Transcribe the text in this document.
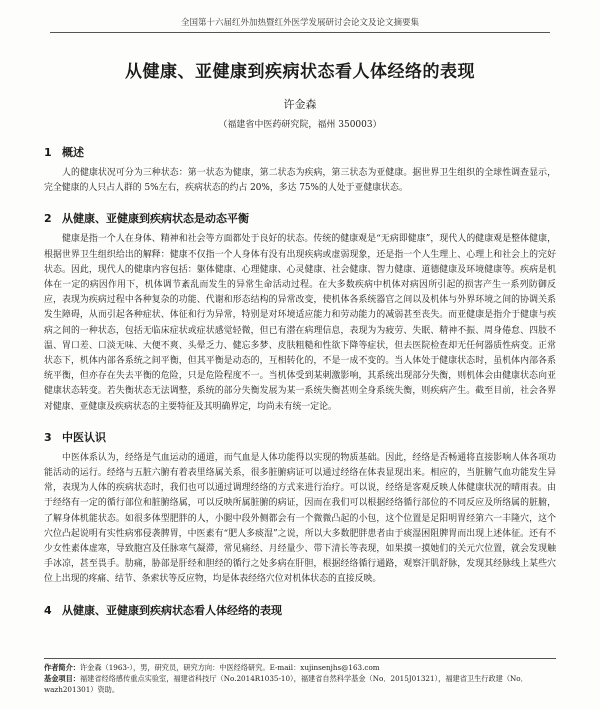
全国第十六届红外加热暨红外医学发展研讨会论文及论文摘要集
从健康、亚健康到疾病状态看人体经络的表现
许金森
（福建省中医药研究院，福州 350003）
1 概述

人的健康状况可分为三种状态：第一状态为健康，第二状态为疾病，第三状态为亚健康。据世界卫生组织的全球性调查显示，完全健康的人只占人群的 5%左右，疾病状态的约占 20%，多达 75%的人处于亚健康状态。

2 从健康、亚健康到疾病状态是动态平衡

健康是指一个人在身体、精神和社会等方面都处于良好的状态。传统的健康观是“无病即健康”，现代人的健康观是整体健康，根据世界卫生组织给出的解释：健康不仅指一个人身体有没有出现疾病或虚弱现象，还是指一个人生理上、心理上和社会上的完好状态。因此，现代人的健康内容包括：躯体健康、心理健康、心灵健康、社会健康、智力健康、道德健康及环境健康等。疾病是机体在一定的病因作用下，机体调节紊乱而发生的异常生命活动过程。在大多数疾病中机体对病因所引起的损害产生一系列防御反应，表现为疾病过程中各种复杂的功能、代谢和形态结构的异常改变，使机体各系统器官之间以及机体与外界环境之间的协调关系发生障碍，从而引起各种症状、体征和行为异常，特别是对环境适应能力和劳动能力的减弱甚至丧失。而亚健康是指介于健康与疾病之间的一种状态，包括无临床症状或症状感觉轻微，但已有潜在病理信息，表现为为疲劳、失眠、精神不振、周身倦怠、四肢不温、胃口差、口淡无味、大便不爽、头晕乏力、健忘多梦、皮肤粗糙和性欲下降等症状，但去医院检查却无任何器质性病变。正常状态下，机体内部各系统之间平衡，但其平衡是动态的，互相转化的，不是一成不变的。当人体处于健康状态时，虽机体内部各系统平衡，但亦存在失去平衡的危险，只是危险程度不一。当机体受到某刺激影响，其系统出现部分失衡，则机体会由健康状态向亚健康状态转变。若失衡状态无法调整，系统的部分失衡发展为某一系统失衡甚则全身系统失衡，则疾病产生。截至目前，社会各界对健康、亚健康及疾病状态的主要特征及其明确界定，均尚未有统一定论。

3 中医认识

中医体系认为，经络是气血运动的通道，而气血是人体功能得以实现的物质基础。因此，经络是否畅通将直接影响人体各项功能活动的运行。经络与五脏六腑有着表里络属关系，很多脏腑病证可以通过经络在体表显现出来。相应的，当脏腑气血功能发生异常，表现为人体的疾病状态时，我们也可以通过调理经络的方式来进行治疗。可以说，经络是客观反映人体健康状况的晴雨表。由于经络有一定的循行部位和脏腑络属，可以反映所属脏腑的病证，因而在我们可以根据经络循行部位的不同反应及所络属的脏腑，了解身体机能状态。如很多体型肥胖的人，小腿中段外侧都会有一个微微凸起的小包，这个位置是足阳明胃经第六一丰隆穴，这个穴位凸起说明有实性病邪侵袭脾胃，中医素有“肥人多痰湿”之说，所以大多数肥胖患者由于痰湿困阻脾胃而出现上述体征。还有不少女性素体虚寒，导致胞宫及任脉寒气凝滞，常见痛经、月经量少、带下清长等表现，如果摸一摸她们的关元穴位置，就会发现触手冰凉，甚至畏手。肋痛，胁部是肝经和胆经的循行之处多病在肝胆，根据经络循行通路，观察汗肌舒脉，发现其经脉线上某些穴位上出现的疼痛、结节、条索状等反应物，均是体表经络穴位对机体状态的直接反映。

4 从健康、亚健康到疾病状态看人体经络的表现
作者简介：许金森（1963-），男，研究员，研究方向：中医经络研究。E-mail：xujinsenjhs@163.com
基金项目：福建省经络感传重点实验室，福建省科技厅（No.2014R1035-10），福建省自然科学基金（No．2015J01321），福建省卫生行政建（No．wazh201301）资助。
